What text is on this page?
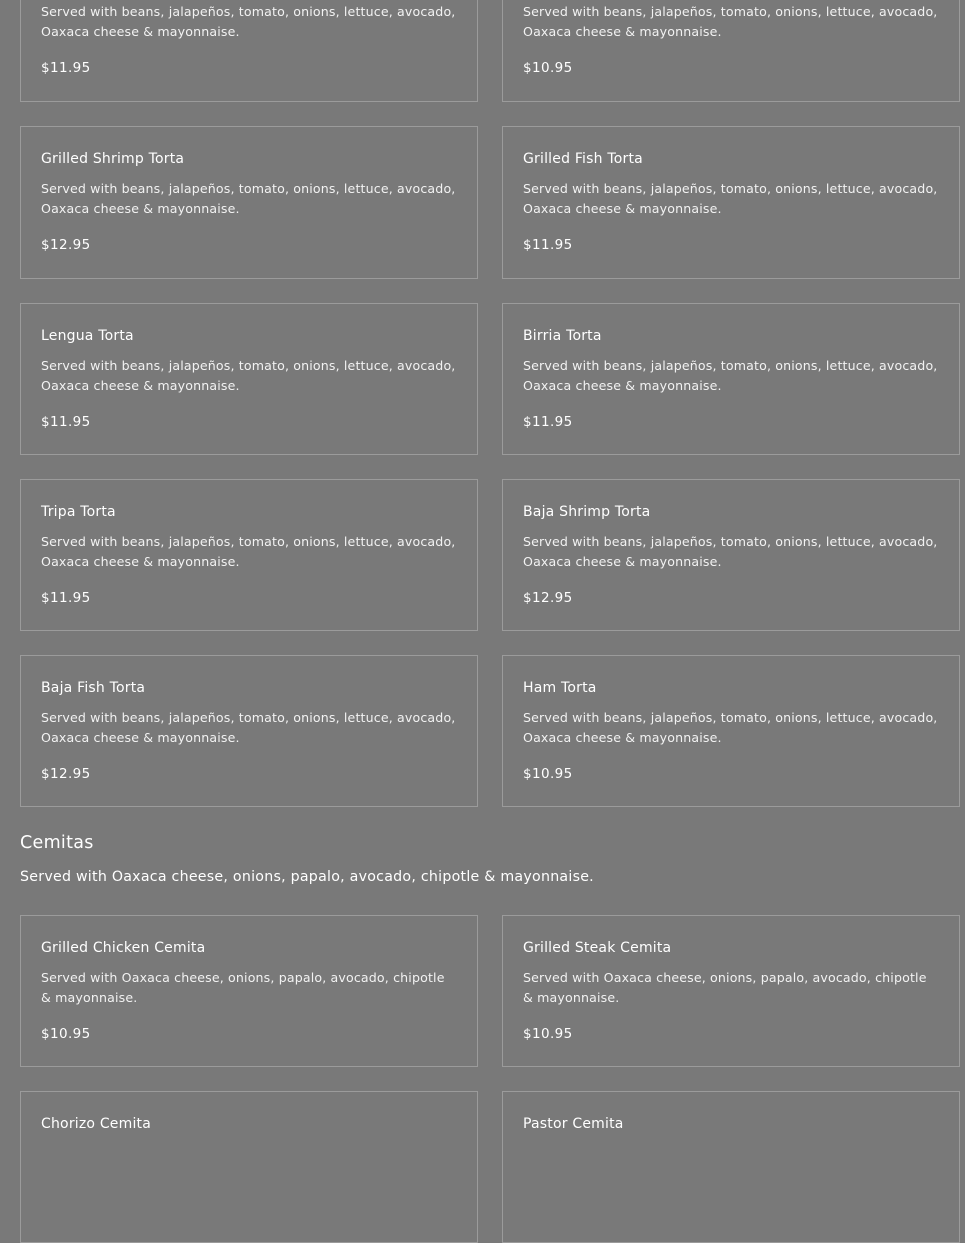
Served with beans, jalapeños, tomato, onions, lettuce, avocado, Oaxaca cheese & mayonnaise.
$11.95
Served with beans, jalapeños, tomato, onions, lettuce, avocado, Oaxaca cheese & mayonnaise.
$10.95
Grilled Shrimp Torta
Served with beans, jalapeños, tomato, onions, lettuce, avocado, Oaxaca cheese & mayonnaise.
$12.95
Grilled Fish Torta
Served with beans, jalapeños, tomato, onions, lettuce, avocado, Oaxaca cheese & mayonnaise.
$11.95
Lengua Torta
Served with beans, jalapeños, tomato, onions, lettuce, avocado, Oaxaca cheese & mayonnaise.
$11.95
Birria Torta
Served with beans, jalapeños, tomato, onions, lettuce, avocado, Oaxaca cheese & mayonnaise.
$11.95
Tripa Torta
Served with beans, jalapeños, tomato, onions, lettuce, avocado, Oaxaca cheese & mayonnaise.
$11.95
Baja Shrimp Torta
Served with beans, jalapeños, tomato, onions, lettuce, avocado, Oaxaca cheese & mayonnaise.
$12.95
Baja Fish Torta
Served with beans, jalapeños, tomato, onions, lettuce, avocado, Oaxaca cheese & mayonnaise.
$12.95
Ham Torta
Served with beans, jalapeños, tomato, onions, lettuce, avocado, Oaxaca cheese & mayonnaise.
$10.95
Cemitas
Served with Oaxaca cheese, onions, papalo, avocado, chipotle & mayonnaise.
Grilled Chicken Cemita
Served with Oaxaca cheese, onions, papalo, avocado, chipotle & mayonnaise.
$10.95
Grilled Steak Cemita
Served with Oaxaca cheese, onions, papalo, avocado, chipotle & mayonnaise.
$10.95
Chorizo Cemita	Pastor Cemita
